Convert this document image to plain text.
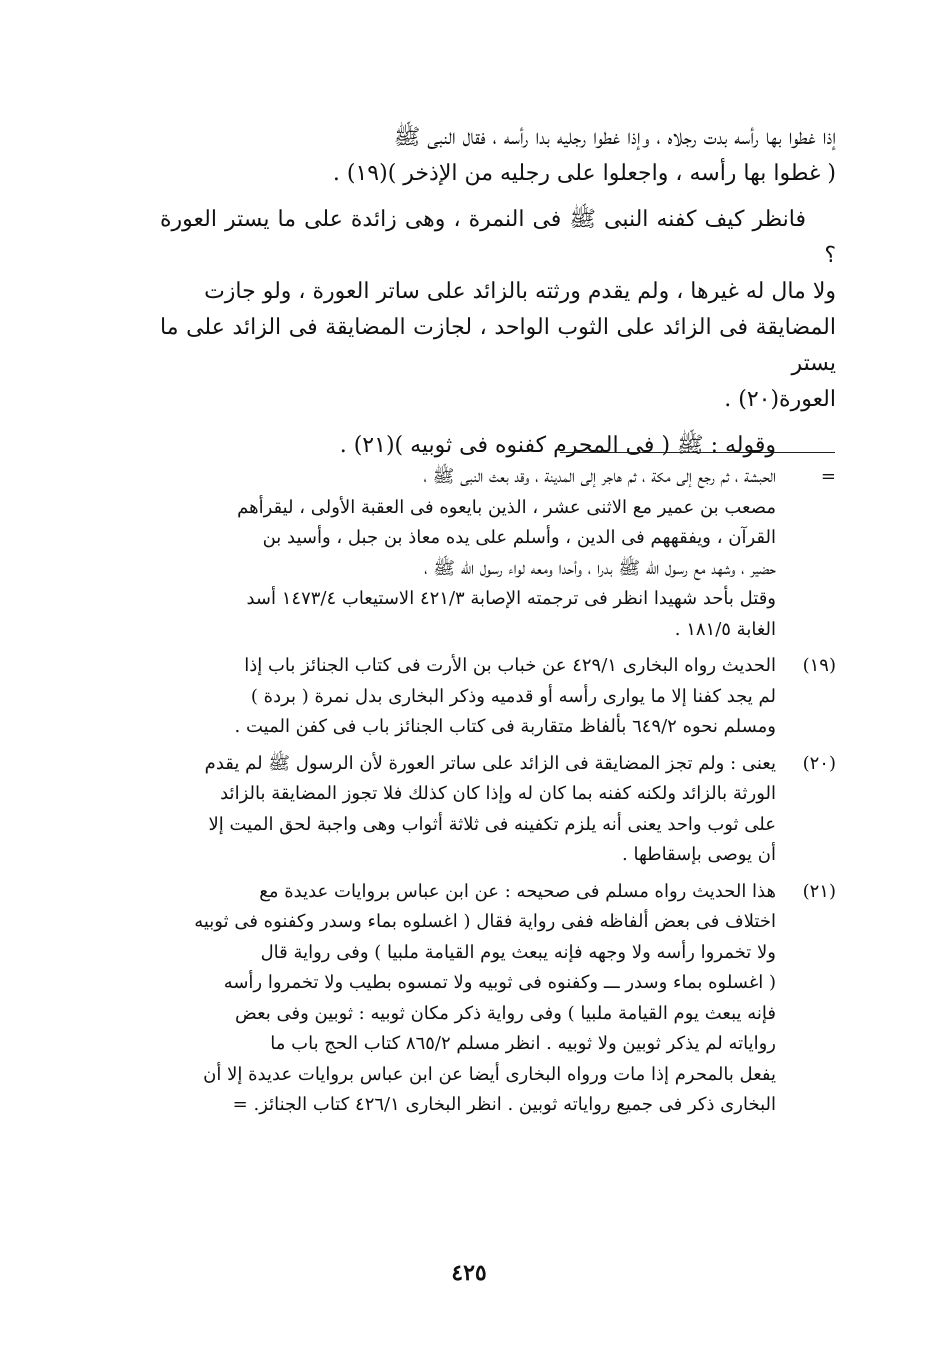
إذا غطوا بها رأسه بدت رجلاه ، وإذا غطوا رجليه بدا رأسه ، فقال النبى ﷺ

( غطوا بها رأسه ، واجعلوا على رجليه من الإذخر )(١٩) .

فانظر كيف كفنه النبى ﷺ فى النمرة ، وهى زائدة على ما يستر العورة ؟

ولا مال له غيرها ، ولم يقدم ورثته بالزائد على ساتر العورة ، ولو جازت

المضايقة فى الزائد على الثوب الواحد ، لجازت المضايقة فى الزائد على ما يستر

العورة(٢٠) .

وقوله : ﷺ ( فى المحرم كفنوه فى ثوبيه )(٢١) .

=
الحبشة ، ثم رجع إلى مكة ، ثم هاجر إلى المدينة ، وقد بعث النبى ﷺ ،
مصعب بن عمير مع الاثنى عشر ، الذين بايعوه فى العقبة الأولى ، ليقرأهم
القرآن ، ويفقههم فى الدين ، وأسلم على يده معاذ بن جبل ، وأسيد بن
حضير ، وشهد مع رسول الله ﷺ بدرا ، وأحدا ومعه لواء رسول الله ﷺ ،
وقتل بأحد شهيدا انظر فى ترجمته الإصابة ٤٢١/٣ الاستيعاب ١٤٧٣/٤ أسد
الغابة ١٨١/٥ .
(١٩)
الحديث رواه البخارى ٤٢٩/١ عن خباب بن الأرت فى كتاب الجنائز باب إذا
لم يجد كفنا إلا ما يوارى رأسه أو قدميه وذكر البخارى بدل نمرة ( بردة )
ومسلم نحوه ٦٤٩/٢ بألفاظ متقاربة فى كتاب الجنائز باب فى كفن الميت .
(٢٠)
يعنى : ولم تجز المضايقة فى الزائد على ساتر العورة لأن الرسول ﷺ لم يقدم
الورثة بالزائد ولكنه كفنه بما كان له وإذا كان كذلك فلا تجوز المضايقة بالزائد
على ثوب واحد يعنى أنه يلزم تكفينه فى ثلاثة أثواب وهى واجبة لحق الميت إلا
أن يوصى بإسقاطها .
(٢١)
هذا الحديث رواه مسلم فى صحيحه : عن ابن عباس بروايات عديدة مع
اختلاف فى بعض ألفاظه ففى رواية فقال ( اغسلوه بماء وسدر وكفنوه فى ثوبيه
ولا تخمروا رأسه ولا وجهه فإنه يبعث يوم القيامة ملبيا ) وفى رواية قال
( اغسلوه بماء وسدر ـــ وكفنوه فى ثوبيه ولا تمسوه بطيب ولا تخمروا رأسه
فإنه يبعث يوم القيامة ملبيا ) وفى رواية ذكر مكان ثوبيه : ثوبين وفى بعض
رواياته لم يذكر ثوبين ولا ثوبيه . انظر مسلم ٨٦٥/٢ كتاب الحج باب ما
يفعل بالمحرم إذا مات ورواه البخارى أيضا عن ابن عباس بروايات عديدة إلا أن
البخارى ذكر فى جميع رواياته ثوبين . انظر البخارى ٤٢٦/١ كتاب الجنائز. =
٤٢٥
